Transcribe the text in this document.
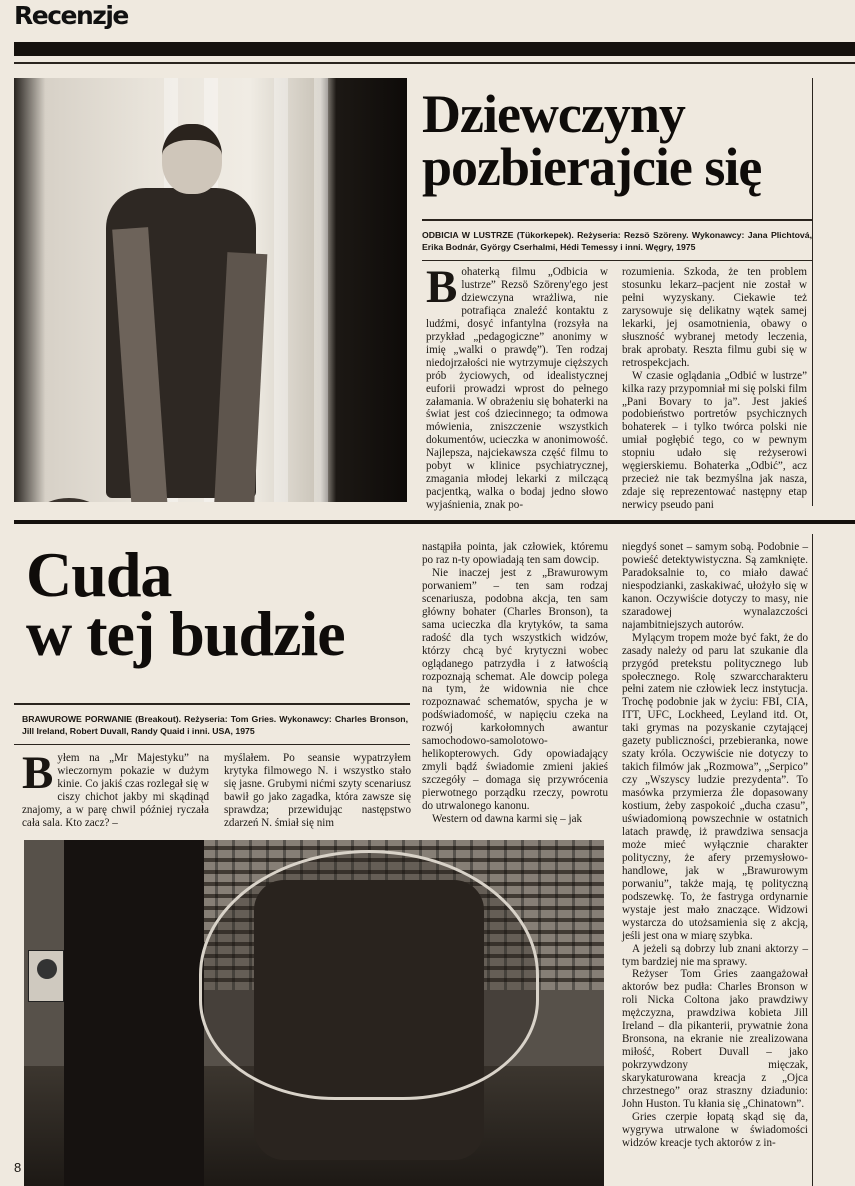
Recenzje
Dziewczyny
pozbierajcie się
ODBICIA W LUSTRZE (Tükorkepek). Reżyseria: Rezsö Szöreny. Wykonawcy: Jana Plichtová, Erika Bodnár, György Cserhalmi, Hédi Temessy i inni. Węgry, 1975

Bohaterką filmu „Odbicia w lustrze” Rezsö Szöreny'ego jest dziewczyna wrażliwa, nie potrafiąca znaleźć kontaktu z ludźmi, dosyć infantylna (rozsyła na przykład „pedagogiczne” anonimy w imię „walki o prawdę”). Ten rodzaj niedojrzałości nie wytrzymuje cięższych prób życiowych, od idealistycznej euforii prowadzi wprost do pełnego załamania. W obrażeniu się bohaterki na świat jest coś dziecinnego; ta odmowa mówienia, zniszczenie wszystkich dokumentów, ucieczka w anonimowość. Najlepsza, najciekawsza część filmu to pobyt w klinice psychiatrycznej, zmagania młodej lekarki z milczącą pacjentką, walka o bodaj jedno słowo wyjaśnienia, znak po-

rozumienia. Szkoda, że ten problem stosunku lekarz–pacjent nie został w pełni wyzyskany. Ciekawie też zarysowuje się delikatny wątek samej lekarki, jej osamotnienia, obawy o słuszność wybranej metody leczenia, brak aprobaty. Reszta filmu gubi się w retrospekcjach.

W czasie oglądania „Odbić w lustrze” kilka razy przypomniał mi się polski film „Pani Bovary to ja”. Jest jakieś podobieństwo portretów psychicznych bohaterek – i tylko twórca polski nie umiał pogłębić tego, co w pewnym stopniu udało się reżyserowi węgierskiemu. Bohaterka „Odbić”, acz przecież nie tak bezmyślna jak nasza, zdaje się reprezentować następny etap nerwicy pseudo pani

Cuda
w tej budzie
BRAWUROWE PORWANIE (Breakout). Reżyseria: Tom Gries. Wykonawcy: Charles Bronson, Jill Ireland, Robert Duvall, Randy Quaid i inni. USA, 1975

Byłem na „Mr Majestyku” na wieczornym pokazie w dużym kinie. Co jakiś czas rozlegał się w ciszy chichot jakby mi skądinąd znajomy, a w parę chwil później ryczała cała sala. Kto zacz? –

myślałem. Po seansie wypatrzyłem krytyka filmowego N. i wszystko stało się jasne. Grubymi nićmi szyty scenariusz bawił go jako zagadka, która zawsze się sprawdza; przewidując następstwo zdarzeń N. śmiał się nim

nastąpiła pointa, jak człowiek, któremu po raz n-ty opowiadają ten sam dowcip.

Nie inaczej jest z „Brawurowym porwaniem” – ten sam rodzaj scenariusza, podobna akcja, ten sam główny bohater (Charles Bronson), ta sama ucieczka dla krytyków, ta sama radość dla tych wszystkich widzów, którzy chcą być krytyczni wobec oglądanego patrzydła i z łatwością rozpoznają schemat. Ale dowcip polega na tym, że widownia nie chce rozpoznawać schematów, spycha je w podświadomość, w napięciu czeka na rozwój karkołomnych awantur samochodowo-samolotowo-helikopterowych. Gdy opowiadający zmyli bądź świadomie zmieni jakieś szczegóły – domaga się przywrócenia pierwotnego porządku rzeczy, powrotu do utrwalonego kanonu.

Western od dawna karmi się – jak

niegdyś sonet – samym sobą. Podobnie – powieść detektywistyczna. Są zamknięte. Paradoksalnie to, co miało dawać niespodzianki, zaskakiwać, ułożyło się w kanon. Oczywiście dotyczy to masy, nie szaradowej wynalazczości najambitniejszych autorów.

Mylącym tropem może być fakt, że do zasady należy od paru lat szukanie dla przygód pretekstu politycznego lub społecznego. Rolę szwarccharakteru pełni zatem nie człowiek lecz instytucja. Trochę podobnie jak w życiu: FBI, CIA, ITT, UFC, Lockheed, Leyland itd. Ot, taki grymas na pozyskanie czytającej gazety publiczności, przebieranka, nowe szaty króla. Oczywiście nie dotyczy to takich filmów jak „Rozmowa”, „Serpico” czy „Wszyscy ludzie prezydenta”. To masówka przymierza źle dopasowany kostium, żeby zaspokoić „ducha czasu”, uświadomioną powszechnie w ostatnich latach prawdę, iż prawdziwa sensacja może mieć wyłącznie charakter polityczny, że afery przemysłowo-handlowe, jak w „Brawurowym porwaniu”, także mają, tę polityczną podszewkę. To, że fastryga ordynarnie wystaje jest mało znaczące. Widzowi wystarcza do utożsamienia się z akcją, jeśli jest ona w miarę szybka.

A jeżeli są dobrzy lub znani aktorzy – tym bardziej nie ma sprawy.

Reżyser Tom Gries zaangażował aktorów bez pudła: Charles Bronson w roli Nicka Coltona jako prawdziwy mężczyzna, prawdziwa kobieta Jill Ireland – dla pikanterii, prywatnie żona Bronsona, na ekranie nie zrealizowana miłość, Robert Duvall – jako pokrzywdzony mięczak, skarykaturowana kreacja z „Ojca chrzestnego” oraz straszny dziadunio: John Huston. Tu kłania się „Chinatown”.

Gries czerpie łopatą skąd się da, wygrywa utrwalone w świadomości widzów kreacje tych aktorów z in-

8
